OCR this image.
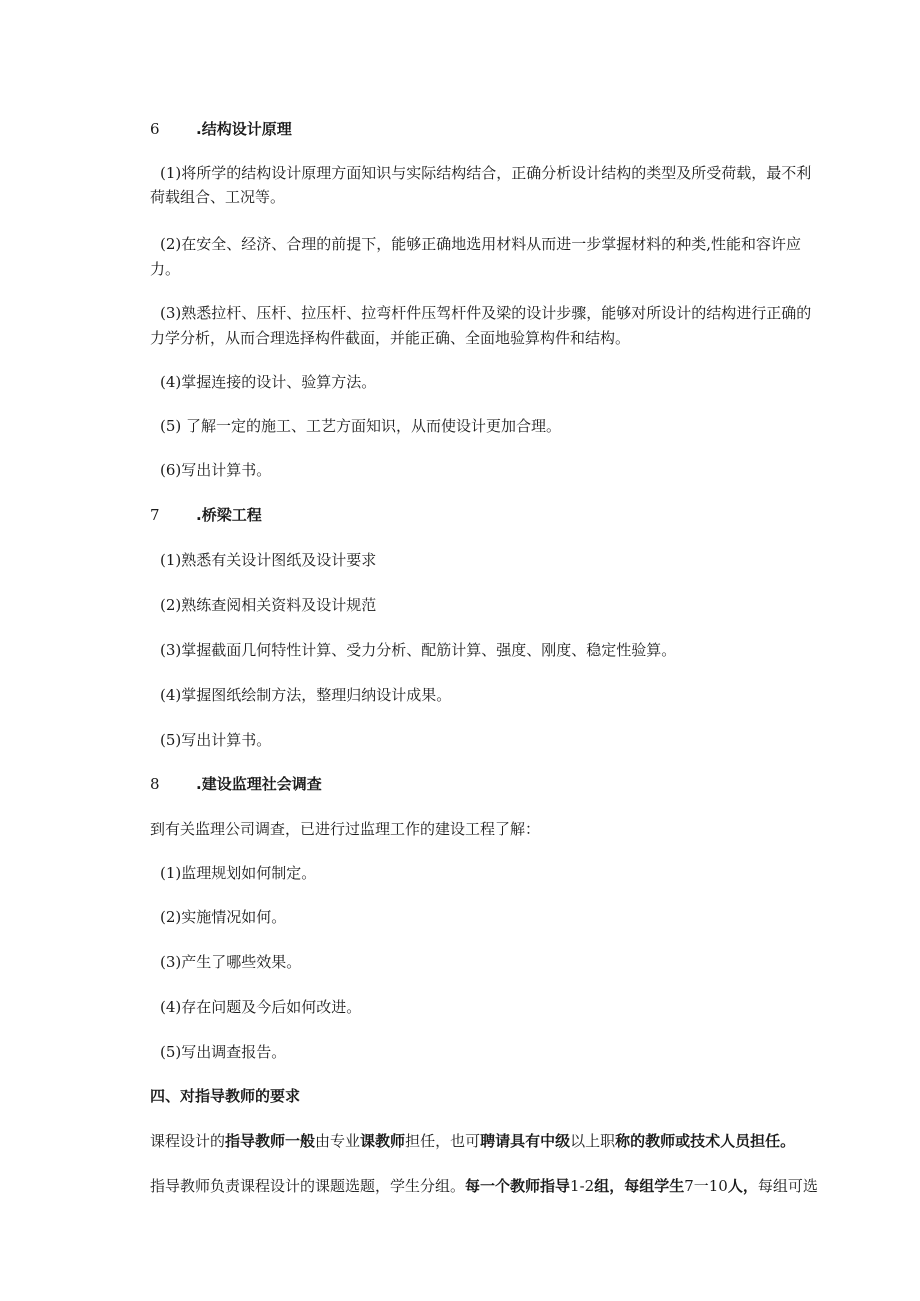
6 .结构设计原理
(1)将所学的结构设计原理方面知识与实际结构结合，正确分析设计结构的类型及所受荷载，最不利
荷载组合、工况等。
(2)在安全、经济、合理的前提下，能够正确地选用材料从而进一步掌握材料的种类,性能和容许应
力。
(3)熟悉拉杆、压杆、拉压杆、拉弯杆件压驾杆件及梁的设计步骤，能够对所设计的结构进行正确的
力学分析，从而合理选择构件截面，并能正确、全面地验算构件和结构。
(4)掌握连接的设计、验算方法。
(5) 了解一定的施工、工艺方面知识，从而使设计更加合理。
(6)写出计算书。
7 .桥梁工程
(1)熟悉有关设计图纸及设计要求
(2)熟练查阅相关资料及设计规范
(3)掌握截面几何特性计算、受力分析、配筋计算、强度、刚度、稳定性验算。
(4)掌握图纸绘制方法，整理归纳设计成果。
(5)写出计算书。
8 .建设监理社会调查
到有关监理公司调查，已进行过监理工作的建设工程了解：
(1)监理规划如何制定。
(2)实施情况如何。
(3)产生了哪些效果。
(4)存在问题及今后如何改进。
(5)写出调查报告。
四、对指导教师的要求
课程设计的指导教师一般由专业课教师担任，也可聘请具有中级以上职称的教师或技术人员担任。
指导教师负责课程设计的课题选题，学生分组。每一个教师指导1-2组，每组学生7一10人，每组可选
